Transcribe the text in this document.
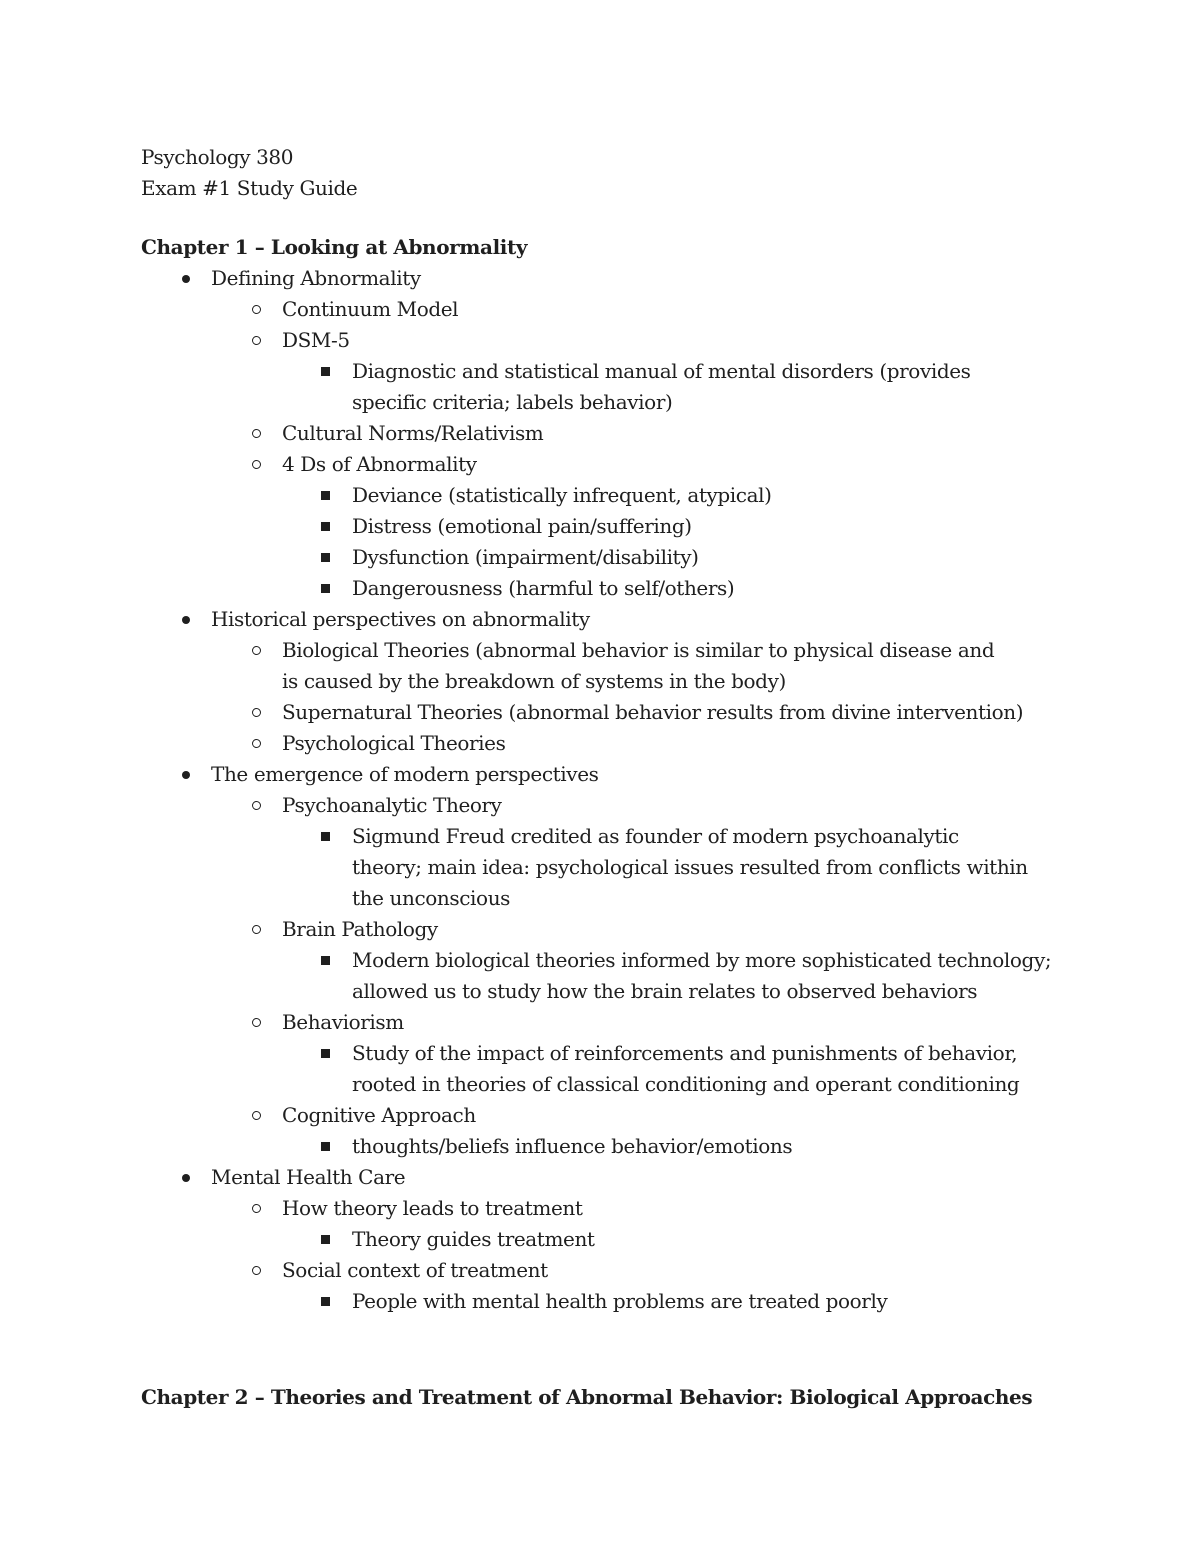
Psychology 380
Exam #1 Study Guide
Chapter 1 – Looking at Abnormality
Defining Abnormality
Continuum Model
DSM-5
Diagnostic and statistical manual of mental disorders (provides specific criteria; labels behavior)
Cultural Norms/Relativism
4 Ds of Abnormality
Deviance (statistically infrequent, atypical)
Distress (emotional pain/suffering)
Dysfunction (impairment/disability)
Dangerousness (harmful to self/others)
Historical perspectives on abnormality
Biological Theories (abnormal behavior is similar to physical disease and is caused by the breakdown of systems in the body)
Supernatural Theories (abnormal behavior results from divine intervention)
Psychological Theories
The emergence of modern perspectives
Psychoanalytic Theory
Sigmund Freud credited as founder of modern psychoanalytic theory; main idea: psychological issues resulted from conflicts within the unconscious
Brain Pathology
Modern biological theories informed by more sophisticated technology; allowed us to study how the brain relates to observed behaviors
Behaviorism
Study of the impact of reinforcements and punishments of behavior, rooted in theories of classical conditioning and operant conditioning
Cognitive Approach
thoughts/beliefs influence behavior/emotions
Mental Health Care
How theory leads to treatment
Theory guides treatment
Social context of treatment
People with mental health problems are treated poorly
Chapter 2 – Theories and Treatment of Abnormal Behavior: Biological Approaches
